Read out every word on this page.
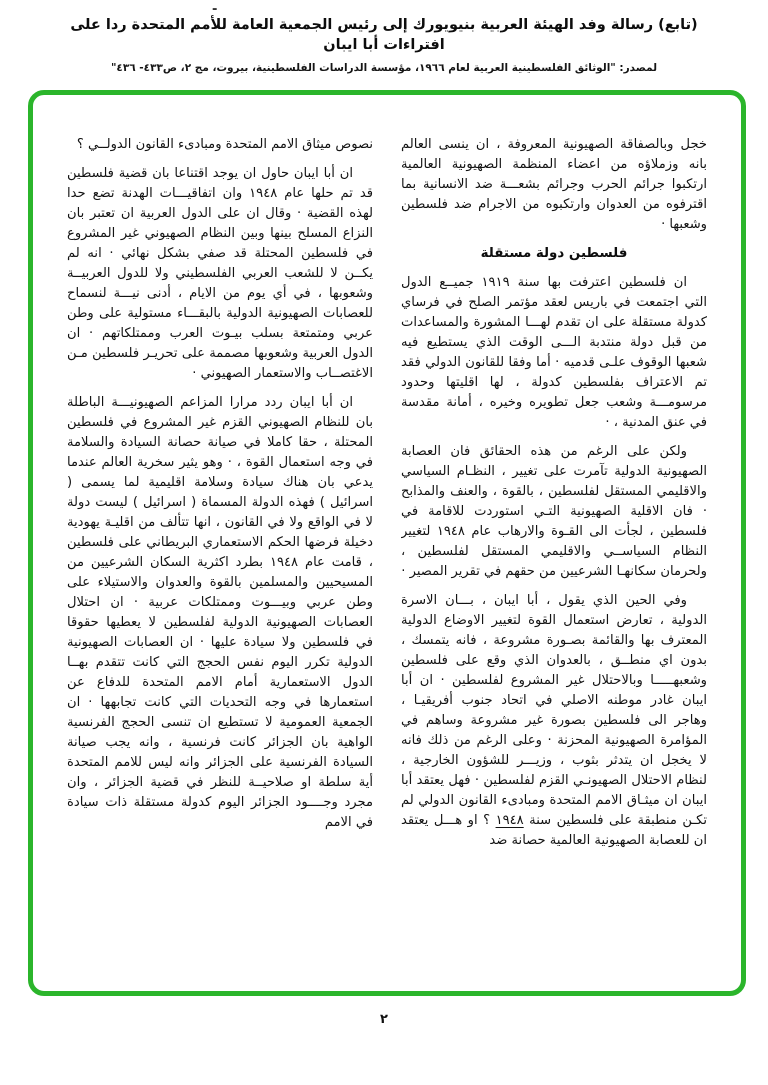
-
(تابع) رسالة وفد الهيئة العربية بنيويورك إلى رئيس الجمعية العامة للأمم المتحدة ردا على افتراءات أبا ايبان
لمصدر: "الوثائق الفلسطينية العربية لعام ١٩٦٦، مؤسسة الدراسات الفلسطينية، بيروت، مج ٢، ص٤٣٣- ٤٣٦"

خجل وبالصفاقة الصهيونية المعروفة ، ان ينسى العالم بانه وزملاؤه من اعضاء المنظمة الصهيونية العالمية ارتكبوا جرائم الحرب وجرائم بشعـــة ضد الانسانية بما اقترفوه من العدوان وارتكبوه من الاجرام ضد فلسطين وشعبها ·

فلسطين دولة مستقلة

ان فلسطين اعترفت بها سنة ١٩١٩ جميــع الدول التي اجتمعت في باريس لعقد مؤتمر الصلح في فرساي كدولة مستقلة على ان تقدم لهـــا المشورة والمساعدات من قبل دولة منتدبة الـــى الوقت الذي يستطيع فيه شعبها الوقوف علـى قدميه · أما وفقا للقانون الدولي فقد تم الاعتراف بفلسطين كدولة ، لها اقليتها وحدود مرسومـــة وشعب جعل تطويره وخيره ، أمانة مقدسة في عنق المدنية ، ·

ولكن على الرغم من هذه الحقائق فان العصابة الصهيونية الدولية تآمرت على تغيير ، النظـام السياسي والاقليمي المستقل لفلسطين ، بالقوة ، والعنف والمذابح · فان الاقلية الصهيونية التـي استوردت للاقامة في فلسطين ، لجأت الى القـوة والارهاب عام ١٩٤٨ لتغيير النظام السياســي والاقليمي المستقل لفلسطين ، ولحرمان سكانهـا الشرعيين من حقهم في تقرير المصير ·

وفي الحين الذي يقول ، أبا ايبان ، بـــان الاسرة الدولية ، تعارض استعمال القوة لتغيير الاوضاع الدولية المعترف بها والقائمة بصـورة مشروعة ، فانه يتمسك ، بدون اي منطــق ، بالعدوان الذي وقع على فلسطين وشعبهـــــا وبالاحتلال غير المشروع لفلسطين · ان أبا ايبان غادر موطنه الاصلي في اتحاد جنوب أفريقيـا ، وهاجر الى فلسطين بصورة غير مشروعة وساهم في المؤامرة الصهيونية المحزنة · وعلى الرغم من ذلك فانه لا يخجل ان يتدثر بثوب ، وزيـــر للشؤون الخارجية ، لنظام الاحتلال الصهيونـي القزم لفلسطين · فهل يعتقد أبا ايبان ان ميثـاق الامم المتحدة ومبادىء القانون الدولي لم تكـن منطبقة على فلسطين سنة ١٩٤٨ ؟ او هـــل يعتقد ان للعصابة الصهيونية العالمية حصانة ضد

نصوص ميثاق الامم المتحدة ومبادىء القانون الدولــي ؟

ان أبا ايبان حاول ان يوجد اقتناعا بان قضية فلسطين قد تم حلها عام ١٩٤٨ وان اتفاقيـــات الهدنة تضع حدا لهذه القضية · وقال ان على الدول العربية ان تعتبر بان النزاع المسلح بينها وبين النظام الصهيوني غير المشروع في فلسطين المحتلة قد صفي بشكل نهائي · انه لم يكــن لا للشعب العربي الفلسطيني ولا للدول العربيــة وشعوبها ، في أي يوم من الايام ، أدنى نيـــة لنسماح للعصابات الصهيونية الدولية بالبقـــاء مستولية على وطن عربي ومتمتعة بسلب بيـوت العرب وممتلكاتهم · ان الدول العربية وشعوبها مصممة على تحريـر فلسطين مـن الاغتصــاب والاستعمار الصهيوني ·

ان أبا ايبان ردد مرارا المزاعم الصهيونيـــة الباطلة بان للنظام الصهيوني القزم غير المشروع في فلسطين المحتلة ، حقا كاملا في صيانة حصانة السيادة والسلامة في وجه استعمال القوة ، · وهو يثير سخرية العالم عندما يدعي بان هناك سيادة وسلامة اقليمية لما يسمى ( اسرائيل ) فهذه الدولة المسماة ( اسرائيل ) ليست دولة لا في الواقع ولا في القانون ، انها تتألف من اقليـة يهودية دخيلة فرضها الحكم الاستعماري البريطاني على فلسطين ، قامت عام ١٩٤٨ بطرد اكثرية السكان الشرعيين من المسيحيين والمسلمين بالقوة والعدوان والاستيلاء على وطن عربي وبيـــوت وممتلكات عربية · ان احتلال العصابات الصهيونية الدولية لفلسطين لا يعطيها حقوقا في فلسطين ولا سيادة عليها · ان العصابات الصهيونية الدولية تكرر اليوم نفس الحجج التي كانت تتقدم بهــا الدول الاستعمارية أمام الامم المتحدة للدفاع عن استعمارها في وجه التحديات التي كانت تجابهها · ان الجمعية العمومية لا تستطيع ان تنسى الحجج الفرنسية الواهية بان الجزائر كانت فرنسية ، وانه يجب صيانة السيادة الفرنسية على الجزائر وانه ليس للامم المتحدة أية سلطة او صلاحيــة للنظر في قضية الجزائر ، وان مجرد وجــــود الجزائر اليوم كدولة مستقلة ذات سيادة في الامم

٢
